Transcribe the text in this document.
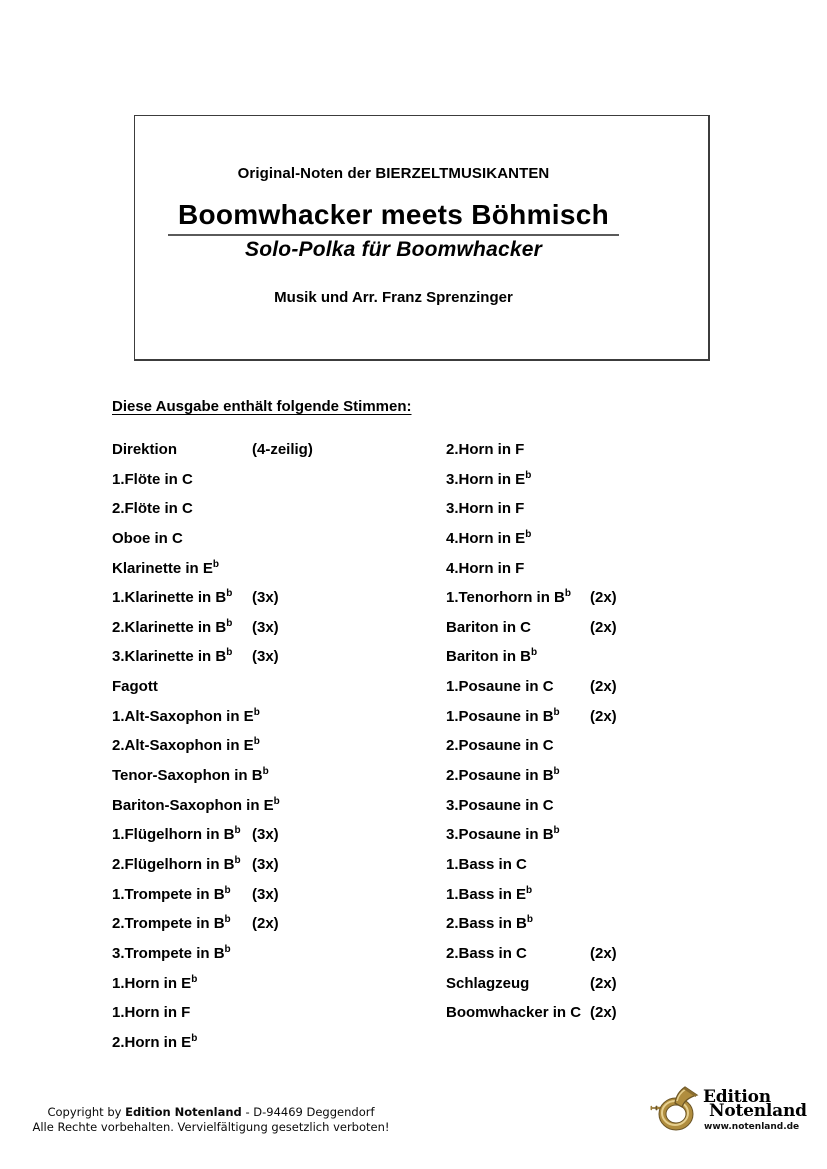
Original-Noten der BIERZELTMUSIKANTEN
Boomwhacker meets Böhmisch
Solo-Polka für Boomwhacker
Musik und Arr. Franz Sprenzinger
Diese Ausgabe enthält folgende Stimmen:
Direktion	(4-zeilig)
1.Flöte in C
2.Flöte in C
Oboe in C
Klarinette in $E^b$
1.Klarinette in $B^b$ (3x)
2.Klarinette in $B^b$ (3x)
3.Klarinette in $B^b$ (3x)
Fagott
1.Alt-Saxophon in $E^b$
2.Alt-Saxophon in $E^b$
Tenor-Saxophon in $B^b$
Bariton-Saxophon in $E^b$
1.Flügelhorn in $B^b$ (3x)
2.Flügelhorn in $B^b$ (3x)
1.Trompete in $B^b$ (3x)
2.Trompete in $B^b$ (2x)
3.Trompete in $B^b$
1.Horn in $E^b$
1.Horn in F
2.Horn in $E^b$
2.Horn in F
3.Horn in $E^b$
3.Horn in F
4.Horn in $E^b$
4.Horn in F
1.Tenorhorn in $B^b$ (2x)
Bariton in C	(2x)
Bariton in $B^b$
1.Posaune in C (2x)
1.Posaune in $B^b$ (2x)
2.Posaune in C
2.Posaune in $B^b$
3.Posaune in C
3.Posaune in $B^b$
1.Bass in C
1.Bass in $E^b$
2.Bass in $B^b$
2.Bass in C	(2x)
Schlagzeug	(2x)
Boomwhacker in C (2x)
Copyright by Edition Notenland - D-94469 Deggendorf
Alle Rechte vorbehalten. Vervielfältigung gesetzlich verboten!
Edition
Notenland
www.notenland.de
